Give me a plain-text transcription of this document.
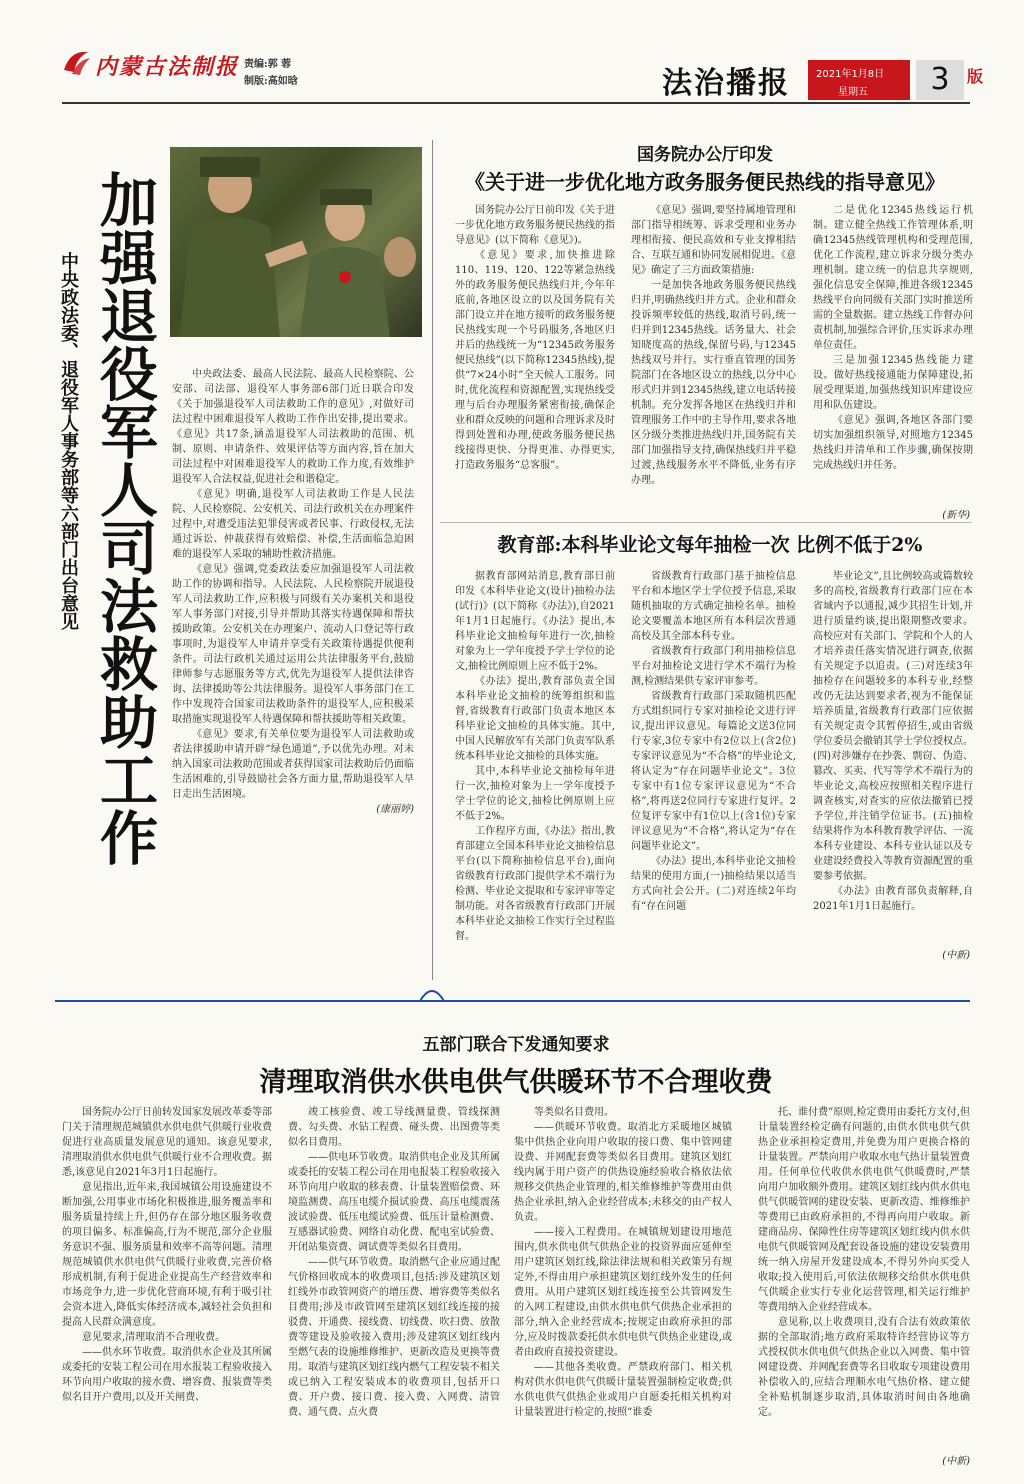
内蒙古法制报 责编:郭 蓉
制版:高如晗	法治播报	2021年1月8日
星期五	3	版
加强退役军人司法救助工作
中央政法委、退役军人事务部等六部门出台意见	中央政法委、最高人民法院、最高人民检察院、公安部、司法部、退役军人事务部6部门近日联合印发《关于加强退役军人司法救助工作的意见》,对做好司法过程中困难退役军人救助工作作出安排,提出要求。《意见》共17条,涵盖退役军人司法救助的范围、机制、原则、申请条件、效果评估等方面内容,旨在加大司法过程中对困难退役军人的救助工作力度,有效维护退役军人合法权益,促进社会和谐稳定。

《意见》明确,退役军人司法救助工作是人民法院、人民检察院、公安机关、司法行政机关在办理案件过程中,对遭受违法犯罪侵害或者民事、行政侵权,无法通过诉讼、仲裁获得有效赔偿、补偿,生活面临急迫困难的退役军人采取的辅助性救济措施。

《意见》强调,党委政法委应加强退役军人司法救助工作的协调和指导。人民法院、人民检察院开展退役军人司法救助工作,应积极与同级有关办案机关和退役军人事务部门对接,引导并帮助其落实待遇保障和帮扶援助政策。公安机关在办理案户、流动人口登记等行政事项时,为退役军人申请并享受有关政策待遇提供便利条件。司法行政机关通过运用公共法律服务平台,鼓励律师参与志愿服务等方式,优先为退役军人提供法律咨询、法律援助等公共法律服务。退役军人事务部门在工作中发现符合国家司法救助条件的退役军人,应积极采取措施实现退役军人待遇保障和帮扶援助等相关政策。

《意见》要求,有关单位要为退役军人司法救助或者法律援助申请开辟“绿色通道”,予以优先办理。对未纳入国家司法救助范围或者获得国家司法救助后仍面临生活困难的,引导鼓励社会各方面力量,帮助退役军人早日走出生活困境。

(康丽婷)
国务院办公厅印发
《关于进一步优化地方政务服务便民热线的指导意见》

国务院办公厅日前印发《关于进一步优化地方政务服务便民热线的指导意见》(以下简称《意见》)。

《意见》要求,加快推进除110、119、120、122等紧急热线外的政务服务便民热线归并,今年年底前,各地区设立的以及国务院有关部门设立并在地方接听的政务服务便民热线实现一个号码服务,各地区归并后的热线统一为“12345政务服务便民热线”(以下简称12345热线),提供“7×24小时”全天候人工服务。同时,优化流程和资源配置,实现热线受理与后台办理服务紧密衔接,确保企业和群众反映的问题和合理诉求及时得到处置和办理,使政务服务便民热线接得更快、分得更准、办得更实,打造政务服务“总客服”。

《意见》强调,要坚持属地管理和部门指导相统筹、诉求受理和业务办理相衔接、便民高效和专业支撑相结合、互联互通和协同发展相促进。《意见》确定了三方面政策措施:

一是加快各地政务服务便民热线归并,明确热线归并方式。企业和群众投诉频率较低的热线,取消号码,统一归并到12345热线。话务量大、社会知晓度高的热线,保留号码,与12345热线双号并行。实行垂直管理的国务院部门在各地区设立的热线,以分中心形式归并到12345热线,建立电话转接机制。充分发挥各地区在热线归并和管理服务工作中的主导作用,要求各地区分级分类推进热线归并,国务院有关部门加强指导支持,确保热线归并平稳过渡,热线服务水平不降低,业务有序办理。

二是优化12345热线运行机制。建立健全热线工作管理体系,明确12345热线管理机构和受理范围,优化工作流程,建立诉求分级分类办理机制。建立统一的信息共享规则,强化信息安全保障,推进各级12345热线平台向同级有关部门实时推送所需的全量数据。建立热线工作督办问责机制,加强综合评价,压实诉求办理单位责任。

三是加强12345热线能力建设。做好热线接通能力保障建设,拓展受理渠道,加强热线知识库建设应用和队伍建设。

《意见》强调,各地区各部门要切实加强组织领导,对照地方12345热线归并清单和工作步骤,确保按期完成热线归并任务。

(新华)
教育部:本科毕业论文每年抽检一次 比例不低于2%

据教育部网站消息,教育部日前印发《本科毕业论文(设计)抽检办法(试行)》(以下简称《办法》),自2021年1月1日起施行。《办法》提出,本科毕业论文抽检每年进行一次,抽检对象为上一学年度授予学士学位的论文,抽检比例原则上应不低于2%。

《办法》提出,教育部负责全国本科毕业论文抽检的统筹组织和监督,省级教育行政部门负责本地区本科毕业论文抽检的具体实施。其中,中国人民解放军有关部门负责军队系统本科毕业论文抽检的具体实施。

其中,本科毕业论文抽检每年进行一次,抽检对象为上一学年度授予学士学位的论文,抽检比例原则上应不低于2%。

工作程序方面,《办法》指出,教育部建立全国本科毕业论文抽检信息平台(以下简称抽检信息平台),面向省级教育行政部门提供学术不端行为检测、毕业论文提取和专家评审等定制功能。对各省级教育行政部门开展本科毕业论文抽检工作实行全过程监督。

省级教育行政部门基于抽检信息平台和本地区学士学位授予信息,采取随机抽取的方式确定抽检名单。抽检论文要覆盖本地区所有本科层次普通高校及其全部本科专业。

省级教育行政部门利用抽检信息平台对抽检论文进行学术不端行为检测,检测结果供专家评审参考。

省级教育行政部门采取随机匹配方式组织同行专家对抽检论文进行评议,提出评议意见。每篇论文送3位同行专家,3位专家中有2位以上(含2位)专家评议意见为“不合格”的毕业论文,将认定为“存在问题毕业论文”。3位专家中有1位专家评议意见为“不合格”,将再送2位同行专家进行复评。2位复评专家中有1位以上(含1位)专家评议意见为“不合格”,将认定为“存在问题毕业论文”。

《办法》提出,本科毕业论文抽检结果的使用方面,(一)抽检结果以适当方式向社会公开。(二)对连续2年均有“存在问题

毕业论文”,且比例较高或篇数较多的高校,省级教育行政部门应在本省域内予以通报,减少其招生计划,并进行质量约谈,提出限期整改要求。高校应对有关部门、学院和个人的人才培养责任落实情况进行调查,依据有关规定予以追责。(三)对连续3年抽检存在问题较多的本科专业,经整改仍无法达到要求者,视为不能保证培养质量,省级教育行政部门应依据有关规定责令其暂停招生,或由省级学位委员会撤销其学士学位授权点。(四)对涉嫌存在抄袭、剽窃、伪造、篡改、买卖、代写等学术不端行为的毕业论文,高校应按照相关程序进行调查核实,对查实的应依法撤销已授予学位,并注销学位证书。(五)抽检结果将作为本科教育教学评估、一流本科专业建设、本科专业认证以及专业建设经费投入等教育资源配置的重要参考依据。

《办法》由教育部负责解释,自2021年1月1日起施行。

(中新)
五部门联合下发通知要求
清理取消供水供电供气供暖环节不合理收费

国务院办公厅日前转发国家发展改革委等部门关于清理规范城镇供水供电供气供暖行业收费促进行业高质量发展意见的通知。该意见要求,清理取消供水供电供气供暖行业不合理收费。据悉,该意见自2021年3月1日起施行。

意见指出,近年来,我国城镇公用设施建设不断加强,公用事业市场化积极推进,服务覆盖率和服务质量持续上升,但仍存在部分地区服务收费的项目偏多、标准偏高,行为不规范,部分企业服务意识不强、服务质量和效率不高等问题。清理规范城镇供水供电供气供暖行业收费,完善价格形成机制,有利于促进企业提高生产经营效率和市场竞争力,进一步优化营商环境,有利于吸引社会资本进入,降低实体经济成本,减轻社会负担和提高人民群众满意度。

意见要求,清理取消不合理收费。

——供水环节收费。取消供水企业及其所属或委托的安装工程公司在用水报装工程验收接入环节向用户收取的接水费、增容费、报装费等类似名目开户费用,以及开关闸费、

竣工核验费、竣工导线测量费、管线探测费、勾头费、水钻工程费、碰头费、出图费等类似名目费用。

——供电环节收费。取消供电企业及其所属或委托的安装工程公司在用电报装工程验收接入环节向用户收取的移表费、计量装置赔偿费、环境监测费、高压电缆介损试验费、高压电缆震荡波试验费、低压电缆试验费、低压计量检测费、互感器试验费、网络自动化费、配电室试验费、开闭站集资费、调试费等类似名目费用。

——供气环节收费。取消燃气企业应通过配气价格回收成本的收费项目,包括:涉及建筑区划红线外市政管网资产的增压费、增容费等类似名目费用;涉及市政管网至建筑区划红线连接的接驳费、开通费、接线费、切线费、吹扫费、放散费等建设及验收接入费用;涉及建筑区划红线内至燃气表的设施维修维护、更新改造及更换等费用。取消与建筑区划红线内燃气工程安装不相关或已纳入工程安装成本的收费项目,包括开口费、开户费、接口费、接入费、入网费、清管费、通气费、点火费

等类似名目费用。

——供暖环节收费。取消北方采暖地区城镇集中供热企业向用户收取的接口费、集中管网建设费、并网配套费等类似名目费用。建筑区划红线内属于用户资产的供热设施经验收合格依法依规移交供热企业管理的,相关维修维护等费用由供热企业承担,纳入企业经营成本;未移交的由产权人负责。

——接入工程费用。在城镇规划建设用地范围内,供水供电供气供热企业的投资界面应延伸至用户建筑区划红线,除法律法规和相关政策另有规定外,不得由用户承担建筑区划红线外发生的任何费用。从用户建筑区划红线连接至公共管网发生的入网工程建设,由供水供电供气供热企业承担的部分,纳入企业经营成本;按规定由政府承担的部分,应及时拨款委托供水供电供气供热企业建设,或者由政府直接投资建设。

——其他各类收费。严禁政府部门、相关机构对供水供电供气供暖计量装置强制检定收费;供水供电供气供热企业或用户自愿委托相关机构对计量装置进行检定的,按照“谁委

托、谁付费”原则,检定费用由委托方支付,但计量装置经检定确有问题的,由供水供电供气供热企业承担检定费用,并免费为用户更换合格的计量装置。严禁向用户收取水电气热计量装置费用。任何单位代收供水供电供气供暖费时,严禁向用户加收额外费用。建筑区划红线内供水供电供气供暖管网的建设安装、更新改造、维修维护等费用已由政府承担的,不得再向用户收取。新建商品房、保障性住房等建筑区划红线内供水供电供气供暖管网及配套设备设施的建设安装费用统一纳入房屋开发建设成本,不得另外向买受人收取;投入使用后,可依法依规移交给供水供电供气供暖企业实行专业化运营管理,相关运行维护等费用纳入企业经营成本。

意见称,以上收费项目,没有合法有效政策依据的全部取消;地方政府采取特许经营协议等方式授权供水供电供气供热企业以入网费、集中管网建设费、并网配套费等名目收取专项建设费用补偿收入的,应结合理顺水电气热价格、建立健全补贴机制逐步取消,具体取消时间由各地确定。

(中新)
